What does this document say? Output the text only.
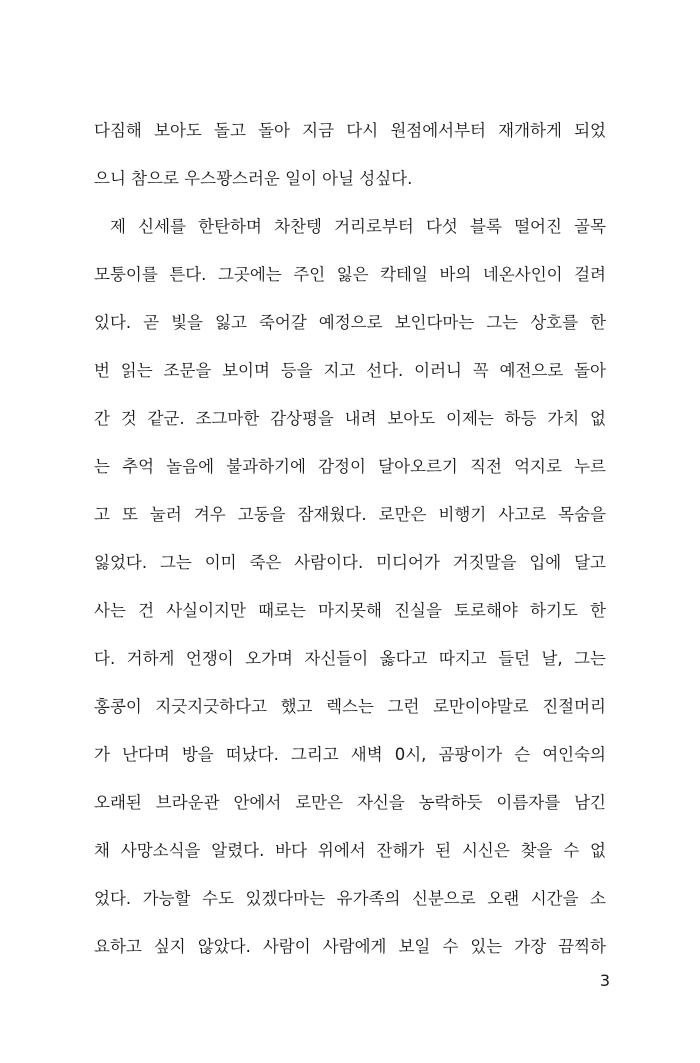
다짐해 보아도 돌고 돌아 지금 다시 원점에서부터 재개하게 되었
으니 참으로 우스꽝스러운 일이 아닐 성싶다.
제 신세를 한탄하며 차찬텡 거리로부터 다섯 블록 떨어진 골목
모퉁이를 튼다. 그곳에는 주인 잃은 칵테일 바의 네온사인이 걸려
있다. 곧 빛을 잃고 죽어갈 예정으로 보인다마는 그는 상호를 한
번 읽는 조문을 보이며 등을 지고 선다. 이러니 꼭 예전으로 돌아
간 것 같군. 조그마한 감상평을 내려 보아도 이제는 하등 가치 없
는 추억 놀음에 불과하기에 감정이 달아오르기 직전 억지로 누르
고 또 눌러 겨우 고동을 잠재웠다. 로만은 비행기 사고로 목숨을
잃었다. 그는 이미 죽은 사람이다. 미디어가 거짓말을 입에 달고
사는 건 사실이지만 때로는 마지못해 진실을 토로해야 하기도 한
다. 거하게 언쟁이 오가며 자신들이 옳다고 따지고 들던 날, 그는
홍콩이 지긋지긋하다고 했고 렉스는 그런 로만이야말로 진절머리
가 난다며 방을 떠났다. 그리고 새벽 0시, 곰팡이가 슨 여인숙의
오래된 브라운관 안에서 로만은 자신을 농락하듯 이름자를 남긴
채 사망소식을 알렸다. 바다 위에서 잔해가 된 시신은 찾을 수 없
었다. 가능할 수도 있겠다마는 유가족의 신분으로 오랜 시간을 소
요하고 싶지 않았다. 사람이 사람에게 보일 수 있는 가장 끔찍하
3
